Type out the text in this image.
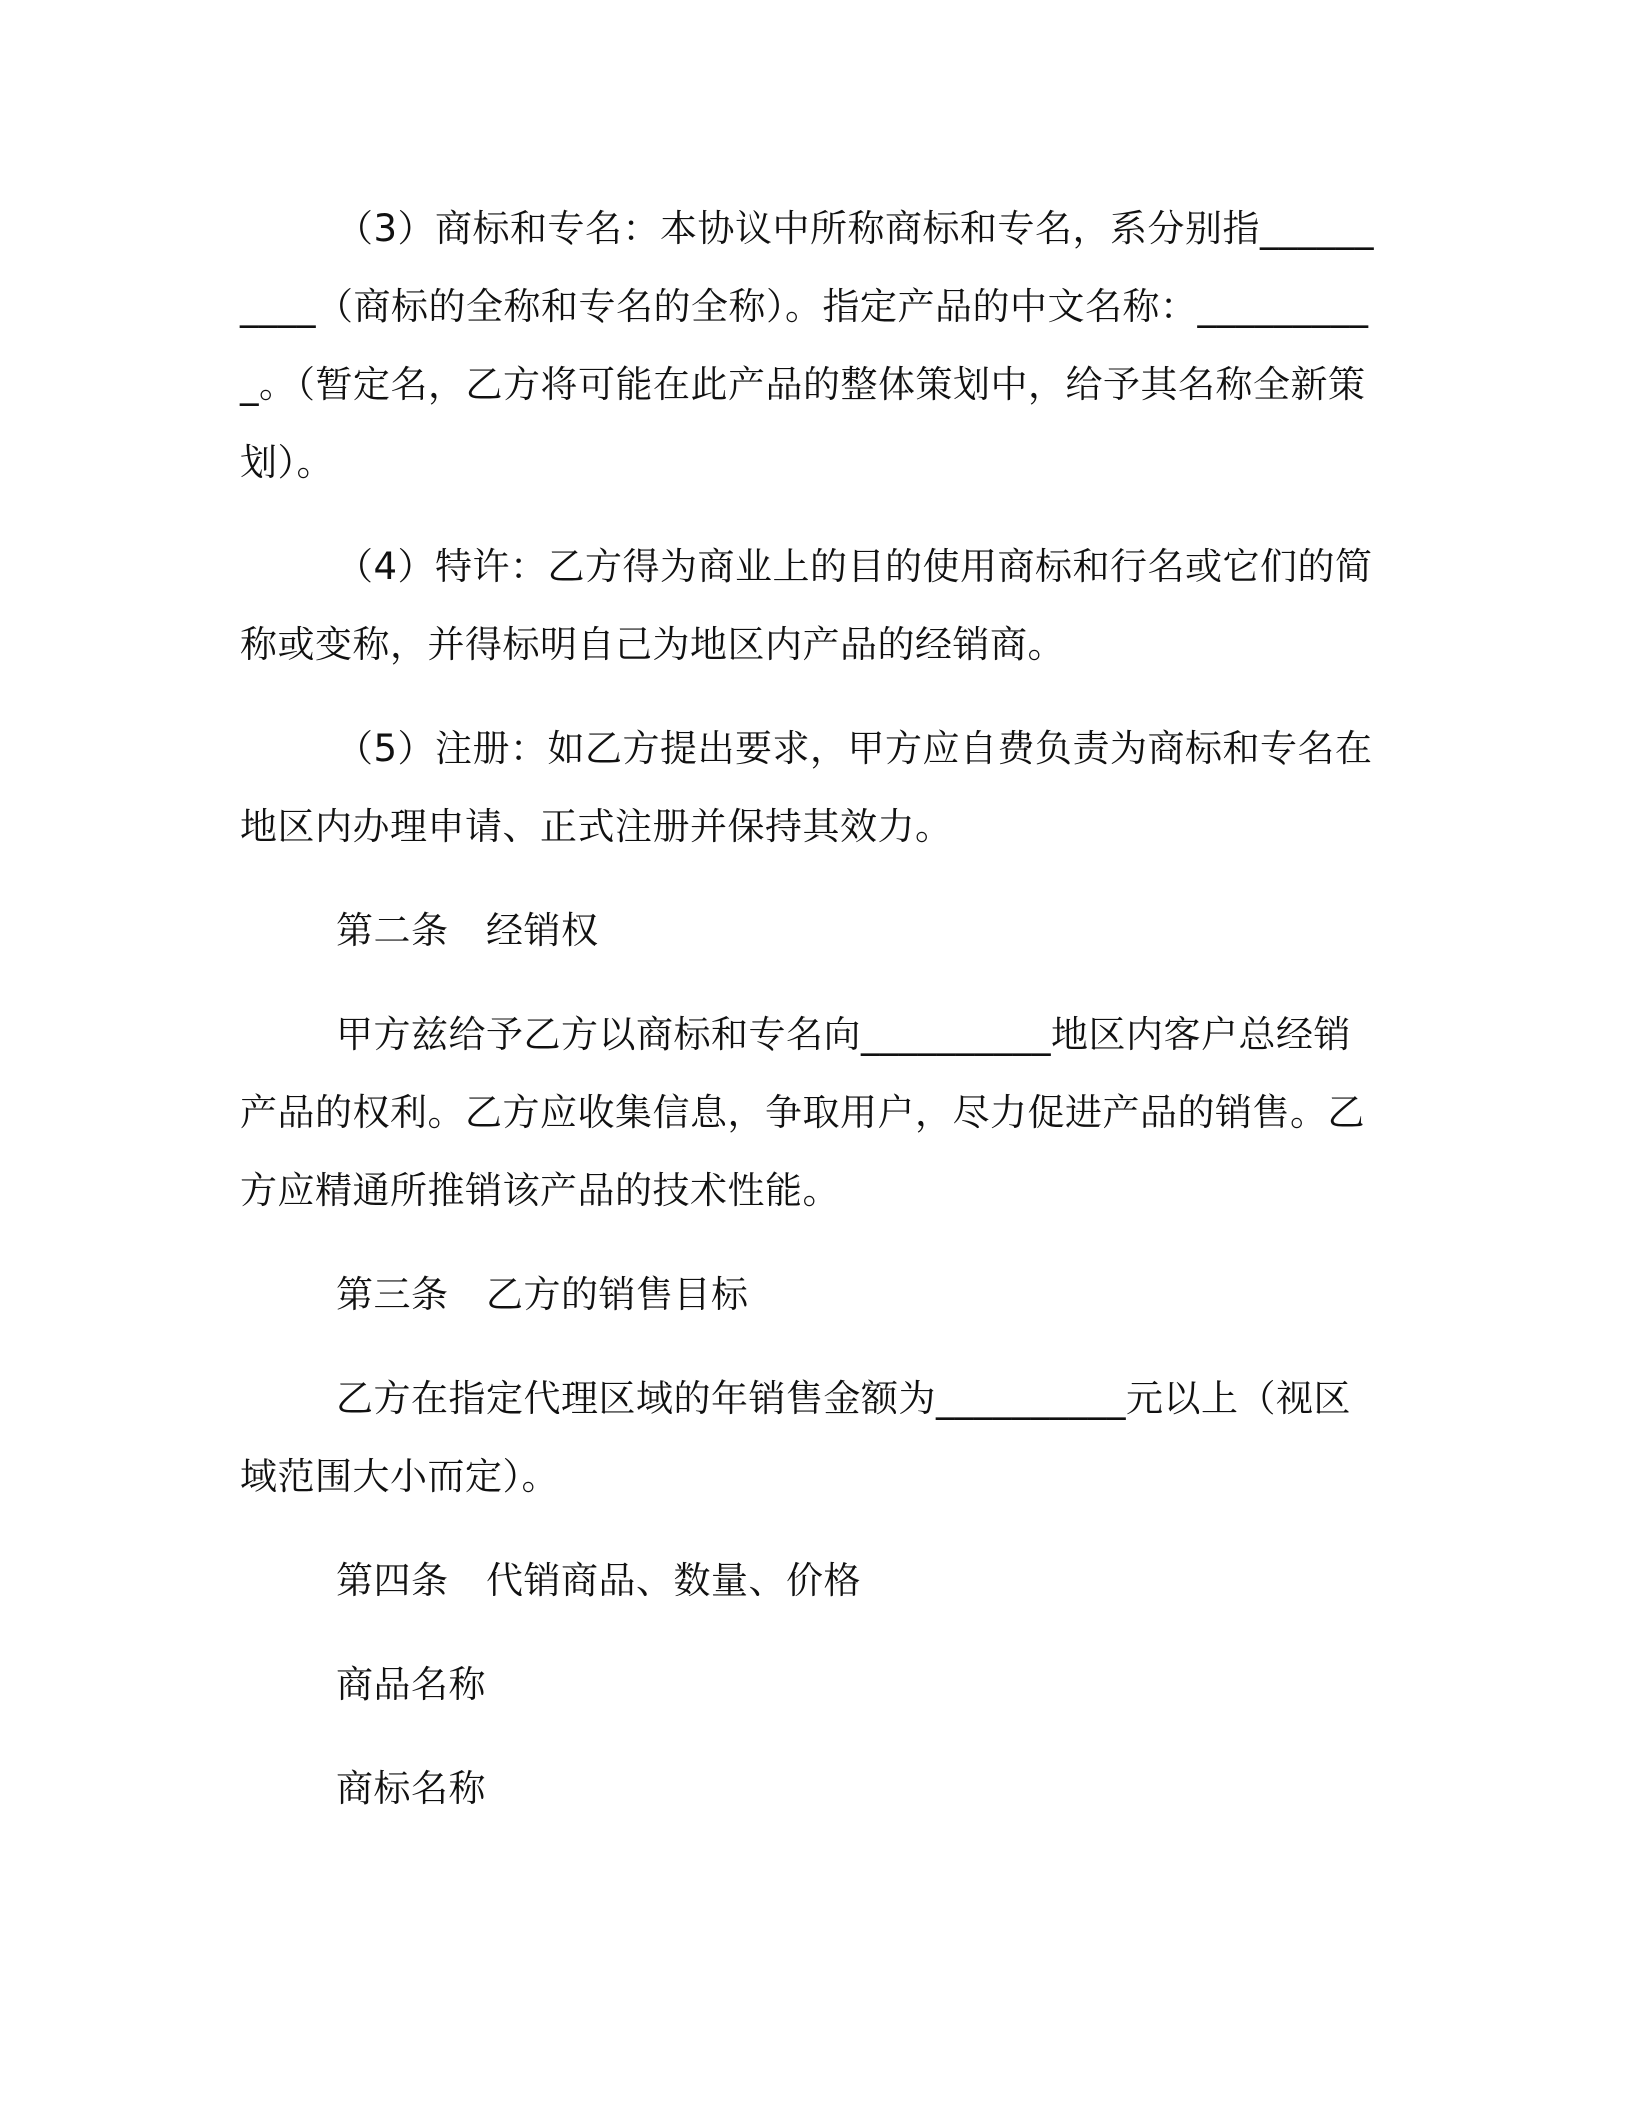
（3）商标和专名：本协议中所称商标和专名，系分别指__________（商标的全称和专名的全称）。指定产品的中文名称：__________。（暂定名，乙方将可能在此产品的整体策划中，给予其名称全新策划）。

（4）特许：乙方得为商业上的目的使用商标和行名或它们的简称或变称，并得标明自己为地区内产品的经销商。

（5）注册：如乙方提出要求，甲方应自费负责为商标和专名在地区内办理申请、正式注册并保持其效力。

第二条　经销权

甲方兹给予乙方以商标和专名向__________地区内客户总经销产品的权利。乙方应收集信息，争取用户，尽力促进产品的销售。乙方应精通所推销该产品的技术性能。

第三条　乙方的销售目标

乙方在指定代理区域的年销售金额为__________元以上（视区域范围大小而定）。

第四条　代销商品、数量、价格

商品名称

商标名称
